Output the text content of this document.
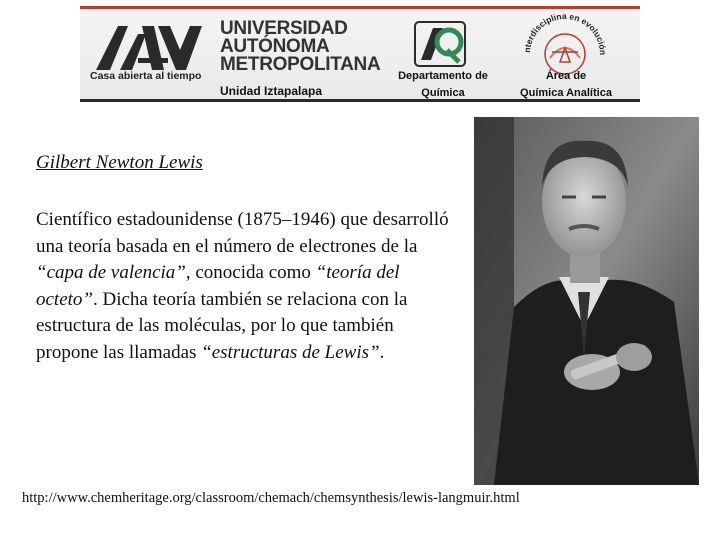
Casa abierta al tiempo
UNIVERSIDAD
AUTÓNOMA
METROPOLITANA
Unidad Iztapalapa
Departamento de
Química
nterdisciplina en evolución
Área de
Química Analítica
Gilbert Newton Lewis
Científico estadounidense (1875–1946) que desarrolló una teoría basada en el número de electrones de la “capa de valencia”, conocida como “teoría del octeto”. Dicha teoría también se relaciona con la estructura de las moléculas, por lo que también propone las llamadas “estructuras de Lewis”.
http://www.chemheritage.org/classroom/chemach/chemsynthesis/lewis-langmuir.html
